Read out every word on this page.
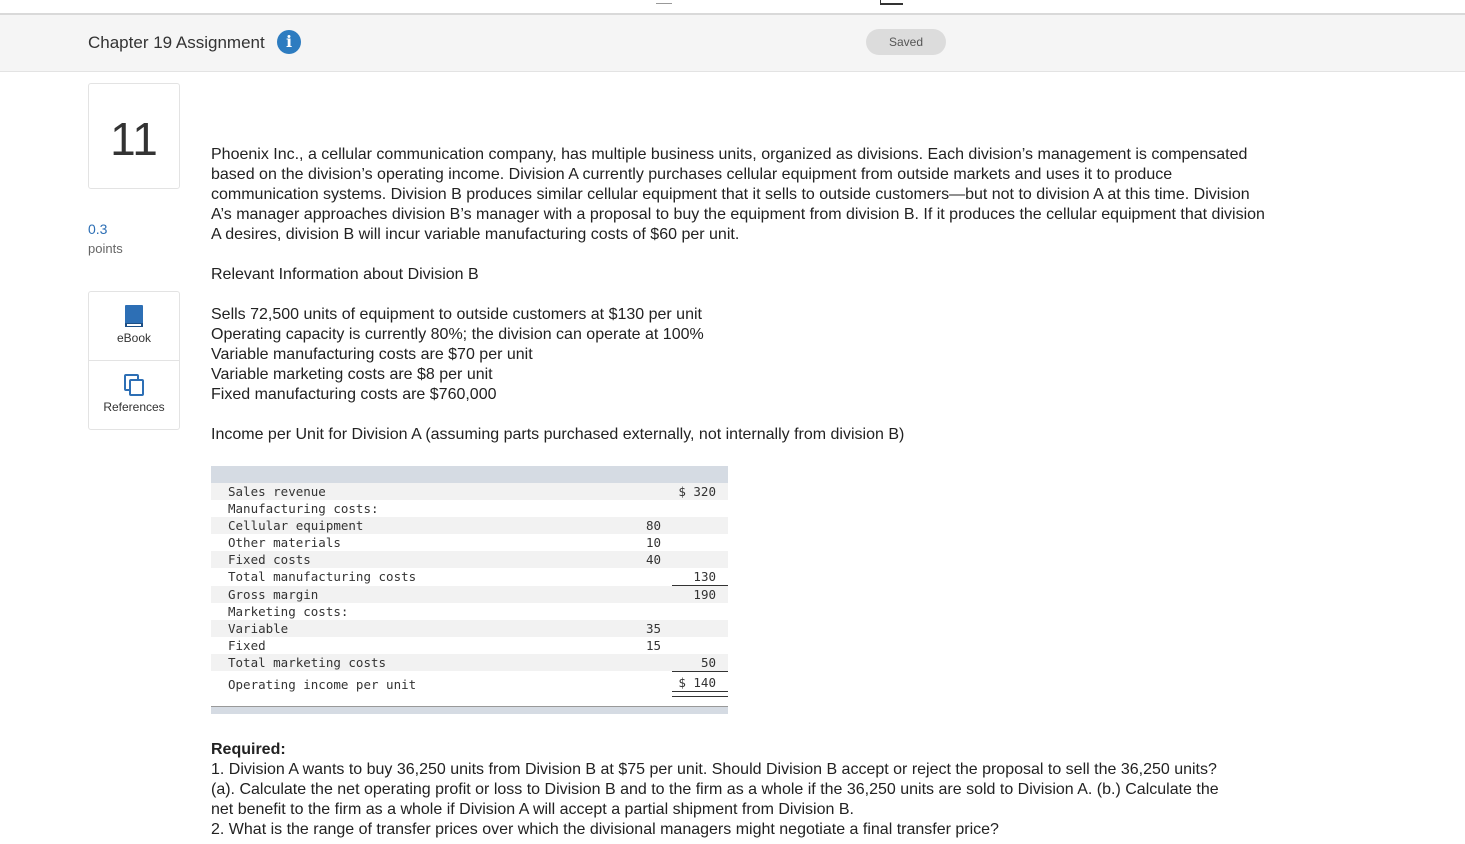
Chapter 19 Assignment	i	Saved
11
0.3
points
eBook
References
Phoenix Inc., a cellular communication company, has multiple business units, organized as divisions. Each division’s management is compensated based on the division’s operating income. Division A currently purchases cellular equipment from outside markets and uses it to produce communication systems. Division B produces similar cellular equipment that it sells to outside customers—but not to division A at this time. Division A’s manager approaches division B’s manager with a proposal to buy the equipment from division B. If it produces the cellular equipment that division A desires, division B will incur variable manufacturing costs of $60 per unit.
Relevant Information about Division B
Sells 72,500 units of equipment to outside customers at $130 per unit
Operating capacity is currently 80%; the division can operate at 100%
Variable manufacturing costs are $70 per unit
Variable marketing costs are $8 per unit
Fixed manufacturing costs are $760,000
Income per Unit for Division A (assuming parts purchased externally, not internally from division B)
Sales revenue	$ 320
Manufacturing costs:
Cellular equipment	80
Other materials	10
Fixed costs	40
Total manufacturing costs	130
Gross margin	190
Marketing costs:
Variable	35
Fixed	15
Total marketing costs	50
Operating income per unit	$ 140
Required:
1. Division A wants to buy 36,250 units from Division B at $75 per unit. Should Division B accept or reject the proposal to sell the 36,250 units? (a). Calculate the net operating profit or loss to Division B and to the firm as a whole if the 36,250 units are sold to Division A. (b.) Calculate the net benefit to the firm as a whole if Division A will accept a partial shipment from Division B.
2. What is the range of transfer prices over which the divisional managers might negotiate a final transfer price?
